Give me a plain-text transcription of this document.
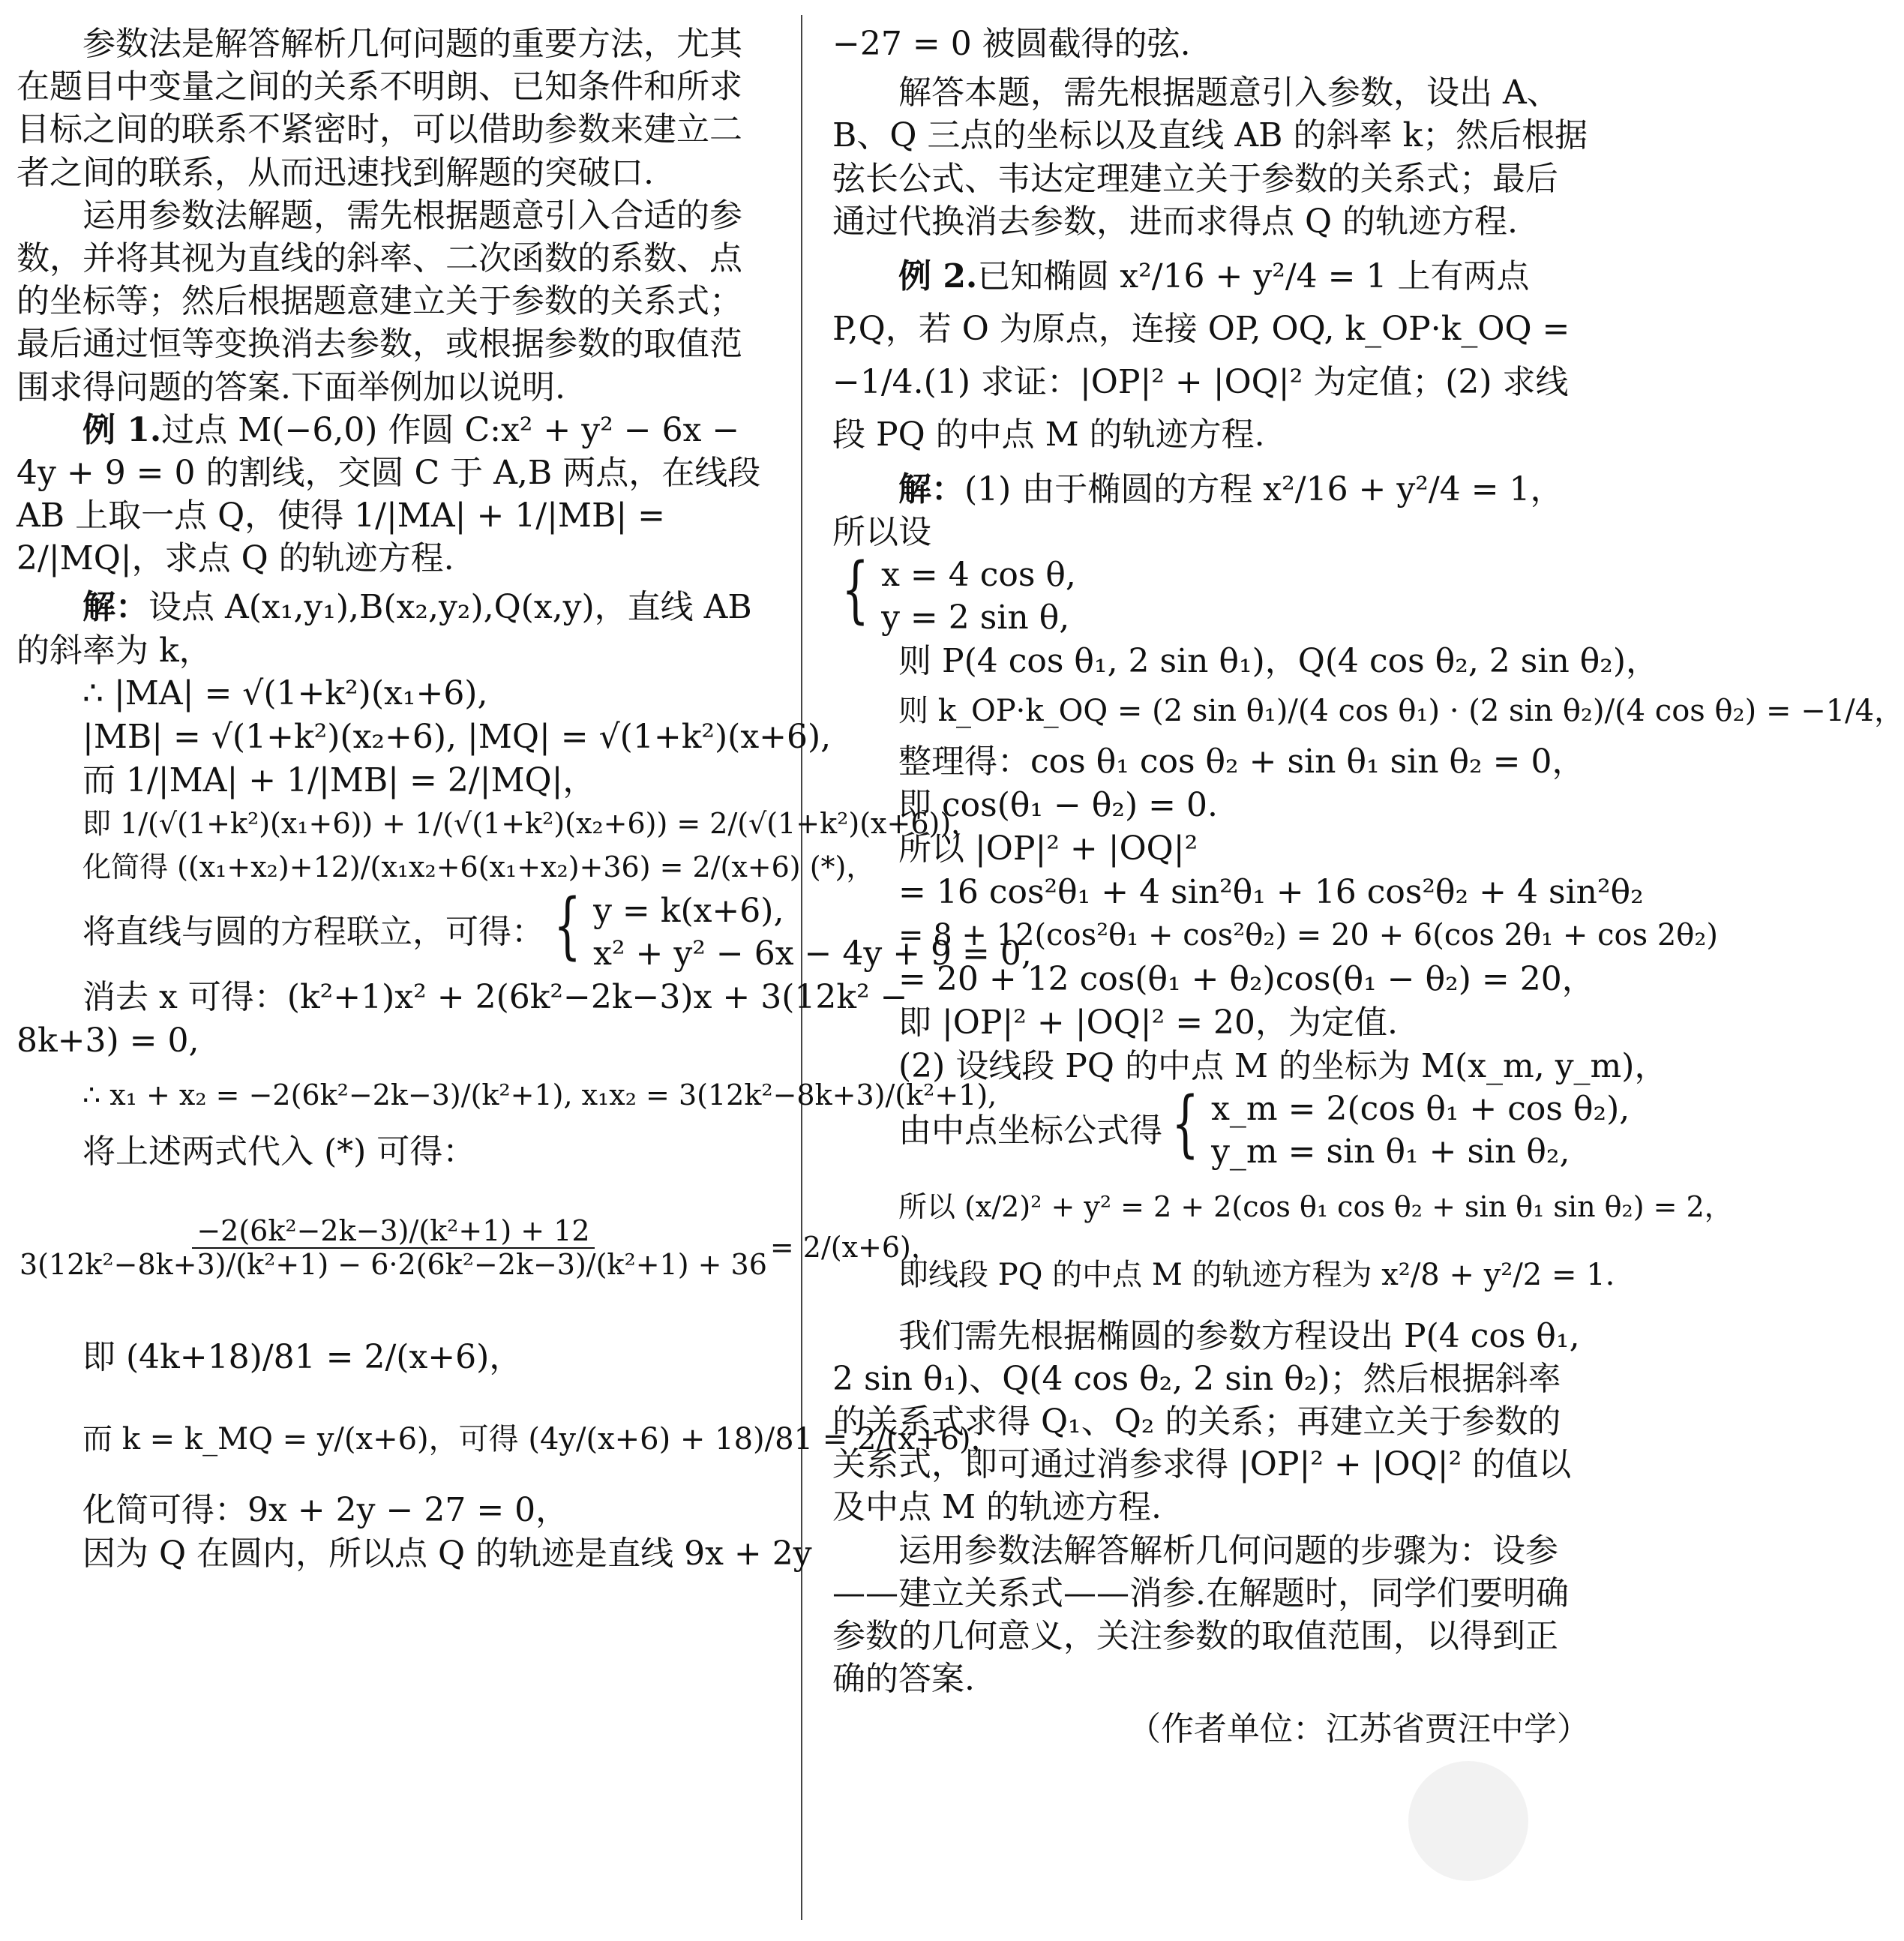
参数法是解答解析几何问题的重要方法，尤其在题目中变量之间的关系不明朗、已知条件和所求目标之间的联系不紧密时，可以借助参数来建立二者之间的联系，从而迅速找到解题的突破口.

运用参数法解题，需先根据题意引入合适的参数，并将其视为直线的斜率、二次函数的系数、点的坐标等；然后根据题意建立关于参数的关系式；最后通过恒等变换消去参数，或根据参数的取值范围求得问题的答案.下面举例加以说明.

例 1.过点 M(−6,0) 作圆 C:x² + y² − 6x − 4y + 9 = 0 的割线，交圆 C 于 A,B 两点，在线段 AB 上取一点 Q，使得 1/|MA| + 1/|MB| = 2/|MQ|，求点 Q 的轨迹方程.

解：设点 A(x₁,y₁),B(x₂,y₂),Q(x,y)，直线 AB 的斜率为 k，

∴ |MA| = √(1+k²)(x₁+6),
|MB| = √(1+k²)(x₂+6), |MQ| = √(1+k²)(x+6),
而 1/|MA| + 1/|MB| = 2/|MQ|，
即 1/(√(1+k²)(x₁+6)) + 1/(√(1+k²)(x₂+6)) = 2/(√(1+k²)(x+6))，
化简得 ((x₁+x₂)+12)/(x₁x₂+6(x₁+x₂)+36) = 2/(x+6) (*)，
将直线与圆的方程联立，可得： { y = k(x+6),
x² + y² − 6x − 4y + 9 = 0,
消去 x 可得：(k²+1)x² + 2(6k²−2k−3)x + 3(12k² −
8k+3) = 0,
∴ x₁ + x₂ = −2(6k²−2k−3)/(k²+1), x₁x₂ = 3(12k²−8k+3)/(k²+1),
将上述两式代入 (*) 可得：
$\frac{\text{−2(6k²−2k−3)/(k²+1) + 12}}{\text{3(12k²−8k+3)/(k²+1) − 6·2(6k²−2k−3)/(k²+1) + 36}} = 2/(x+6)$，
即 (4k+18)/81 = 2/(x+6)，
而 k = k_MQ = y/(x+6)，可得 (4y/(x+6) + 18)/81 = 2/(x+6)，
化简可得：9x + 2y − 27 = 0，
因为 Q 在圆内，所以点 Q 的轨迹是直线 9x + 2y

−27 = 0 被圆截得的弦.

解答本题，需先根据题意引入参数，设出 A、B、Q 三点的坐标以及直线 AB 的斜率 k；然后根据弦长公式、韦达定理建立关于参数的关系式；最后通过代换消去参数，进而求得点 Q 的轨迹方程.

例 2.已知椭圆 x²/16 + y²/4 = 1 上有两点 P,Q，若 O 为原点，连接 OP, OQ, k_OP·k_OQ = −1/4.(1) 求证：|OP|² + |OQ|² 为定值；(2) 求线段 PQ 的中点 M 的轨迹方程.

解：(1) 由于椭圆的方程 x²/16 + y²/4 = 1，所以设

{ x = 4 cos θ,
y = 2 sin θ,
则 P(4 cos θ₁, 2 sin θ₁)，Q(4 cos θ₂, 2 sin θ₂)，
则 k_OP·k_OQ = (2 sin θ₁)/(4 cos θ₁) · (2 sin θ₂)/(4 cos θ₂) = −1/4，
整理得：cos θ₁ cos θ₂ + sin θ₁ sin θ₂ = 0，
即 cos(θ₁ − θ₂) = 0.
所以 |OP|² + |OQ|²
= 16 cos²θ₁ + 4 sin²θ₁ + 16 cos²θ₂ + 4 sin²θ₂
= 8 + 12(cos²θ₁ + cos²θ₂) = 20 + 6(cos 2θ₁ + cos 2θ₂)
= 20 + 12 cos(θ₁ + θ₂)cos(θ₁ − θ₂) = 20，
即 |OP|² + |OQ|² = 20，为定值.
(2) 设线段 PQ 的中点 M 的坐标为 M(x_m, y_m)，
由中点坐标公式得 { x_m = 2(cos θ₁ + cos θ₂),
y_m = sin θ₁ + sin θ₂,
所以 (x/2)² + y² = 2 + 2(cos θ₁ cos θ₂ + sin θ₁ sin θ₂) = 2，
即线段 PQ 的中点 M 的轨迹方程为 x²/8 + y²/2 = 1.

我们需先根据椭圆的参数方程设出 P(4 cos θ₁, 2 sin θ₁)、Q(4 cos θ₂, 2 sin θ₂)；然后根据斜率的关系式求得 Q₁、Q₂ 的关系；再建立关于参数的关系式，即可通过消参求得 |OP|² + |OQ|² 的值以及中点 M 的轨迹方程.

运用参数法解答解析几何问题的步骤为：设参——建立关系式——消参.在解题时，同学们要明确参数的几何意义，关注参数的取值范围，以得到正确的答案.

（作者单位：江苏省贾汪中学）
